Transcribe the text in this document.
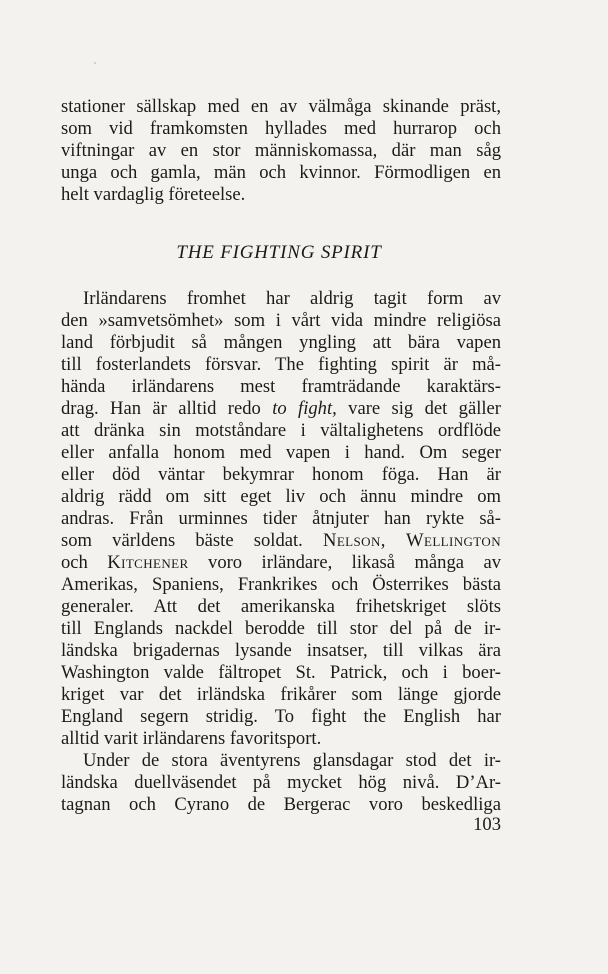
stationer sällskap med en av välmåga skinande präst,
som vid framkomsten hyllades med hurrarop och
viftningar av en stor människomassa, där man såg
unga och gamla, män och kvinnor. Förmodligen en
helt vardaglig företeelse.
THE FIGHTING SPIRIT
Irländarens fromhet har aldrig tagit form av
den »samvetsömhet» som i vårt vida mindre religiösa
land förbjudit så mången yngling att bära vapen
till fosterlandets försvar. The fighting spirit är må-
hända irländarens mest framträdande karaktärs-
drag. Han är alltid redo to fight, vare sig det gäller
att dränka sin motståndare i vältalighetens ordflöde
eller anfalla honom med vapen i hand. Om seger
eller död väntar bekymrar honom föga. Han är
aldrig rädd om sitt eget liv och ännu mindre om
andras. Från urminnes tider åtnjuter han rykte så-
som världens bäste soldat. Nelson, Wellington
och Kitchener voro irländare, likaså många av
Amerikas, Spaniens, Frankrikes och Österrikes bästa
generaler. Att det amerikanska frihetskriget slöts
till Englands nackdel berodde till stor del på de ir-
ländska brigadernas lysande insatser, till vilkas ära
Washington valde fältropet St. Patrick, och i boer-
kriget var det irländska frikårer som länge gjorde
England segern stridig. To fight the English har
alltid varit irländarens favoritsport.
Under de stora äventyrens glansdagar stod det ir-
ländska duellväsendet på mycket hög nivå. D’Ar-
tagnan och Cyrano de Bergerac voro beskedliga
103
